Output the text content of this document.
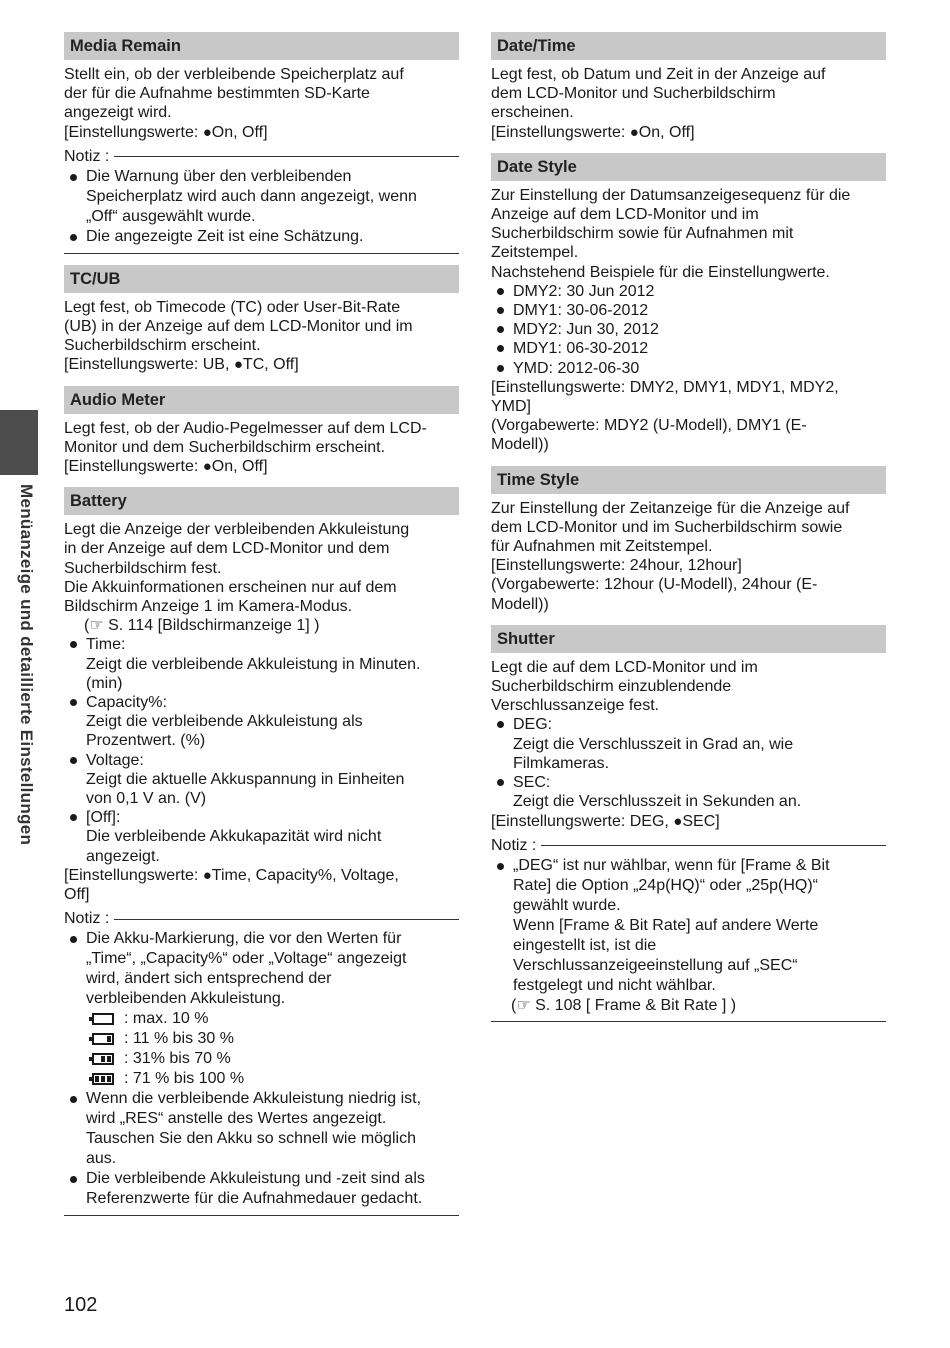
Menüanzeige und detaillierte Einstellungen
Media Remain
Stellt ein, ob der verbleibende Speicherplatz auf
der für die Aufnahme bestimmten SD-Karte
angezeigt wird.
[Einstellungswerte: ●On, Off]
Notiz :
Die Warnung über den verbleibenden
Speicherplatz wird auch dann angezeigt, wenn
„Off“ ausgewählt wurde.
Die angezeigte Zeit ist eine Schätzung.
TC/UB
Legt fest, ob Timecode (TC) oder User-Bit-Rate
(UB) in der Anzeige auf dem LCD-Monitor und im
Sucherbildschirm erscheint.
[Einstellungswerte: UB, ●TC, Off]
Audio Meter
Legt fest, ob der Audio-Pegelmesser auf dem LCD-
Monitor und dem Sucherbildschirm erscheint.
[Einstellungswerte: ●On, Off]
Battery
Legt die Anzeige der verbleibenden Akkuleistung
in der Anzeige auf dem LCD-Monitor und dem
Sucherbildschirm fest.
Die Akkuinformationen erscheinen nur auf dem
Bildschirm Anzeige 1 im Kamera-Modus.
(☞ S. 114 [Bildschirmanzeige 1] )
Time:
Zeigt die verbleibende Akkuleistung in Minuten.
(min)
Capacity%:
Zeigt die verbleibende Akkuleistung als
Prozentwert. (%)
Voltage:
Zeigt die aktuelle Akkuspannung in Einheiten
von 0,1 V an. (V)
[Off]:
Die verbleibende Akkukapazität wird nicht
angezeigt.
[Einstellungswerte: ●Time, Capacity%, Voltage,
Off]
Notiz :
Die Akku-Markierung, die vor den Werten für
„Time“, „Capacity%“ oder „Voltage“ angezeigt
wird, ändert sich entsprechend der
verbleibenden Akkuleistung.
: max. 10 %
: 11 % bis 30 %
: 31% bis 70 %
: 71 % bis 100 %
Wenn die verbleibende Akkuleistung niedrig ist,
wird „RES“ anstelle des Wertes angezeigt.
Tauschen Sie den Akku so schnell wie möglich
aus.
Die verbleibende Akkuleistung und -zeit sind als
Referenzwerte für die Aufnahmedauer gedacht.
Date/Time
Legt fest, ob Datum und Zeit in der Anzeige auf
dem LCD-Monitor und Sucherbildschirm
erscheinen.
[Einstellungswerte: ●On, Off]
Date Style
Zur Einstellung der Datumsanzeigesequenz für die
Anzeige auf dem LCD-Monitor und im
Sucherbildschirm sowie für Aufnahmen mit
Zeitstempel.
Nachstehend Beispiele für die Einstellungwerte.
DMY2: 30 Jun 2012
DMY1: 30-06-2012
MDY2: Jun 30, 2012
MDY1: 06-30-2012
YMD: 2012-06-30
[Einstellungswerte: DMY2, DMY1, MDY1, MDY2,
YMD]
(Vorgabewerte: MDY2 (U-Modell), DMY1 (E-
Modell))
Time Style
Zur Einstellung der Zeitanzeige für die Anzeige auf
dem LCD-Monitor und im Sucherbildschirm sowie
für Aufnahmen mit Zeitstempel.
[Einstellungswerte: 24hour, 12hour]
(Vorgabewerte: 12hour (U-Modell), 24hour (E-
Modell))
Shutter
Legt die auf dem LCD-Monitor und im
Sucherbildschirm einzublendende
Verschlussanzeige fest.
DEG:
Zeigt die Verschlusszeit in Grad an, wie
Filmkameras.
SEC:
Zeigt die Verschlusszeit in Sekunden an.
[Einstellungswerte: DEG, ●SEC]
Notiz :
„DEG“ ist nur wählbar, wenn für [Frame & Bit
Rate] die Option „24p(HQ)“ oder „25p(HQ)“
gewählt wurde.
Wenn [Frame & Bit Rate] auf andere Werte
eingestellt ist, ist die
Verschlussanzeigeeinstellung auf „SEC“
festgelegt und nicht wählbar.
(☞ S. 108 [ Frame & Bit Rate ] )
102
